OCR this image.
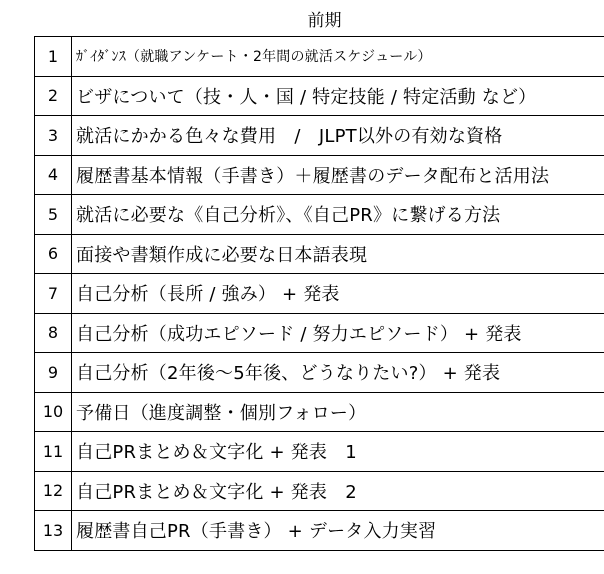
前期	
1	ｶﾞｲﾀﾞﾝｽ（就職アンケート・2年間の就活スケジュール）
2	ビザについて（技・人・国 / 特定技能 / 特定活動 など）
3	就活にかかる色々な費用　/　JLPT以外の有効な資格
4	履歴書基本情報（手書き）＋履歴書のデータ配布と活用法
5	就活に必要な《自己分析》、《自己PR》に繋げる方法
6	面接や書類作成に必要な日本語表現
7	自己分析（長所 / 強み） + 発表
8	自己分析（成功エピソード / 努力エピソード） + 発表
9	自己分析（2年後～5年後、どうなりたい?） + 発表
10	予備日（進度調整・個別フォロー）
11	自己PRまとめ＆文字化 + 発表　1
12	自己PRまとめ＆文字化 + 発表　2
13	履歴書自己PR（手書き） + データ入力実習
